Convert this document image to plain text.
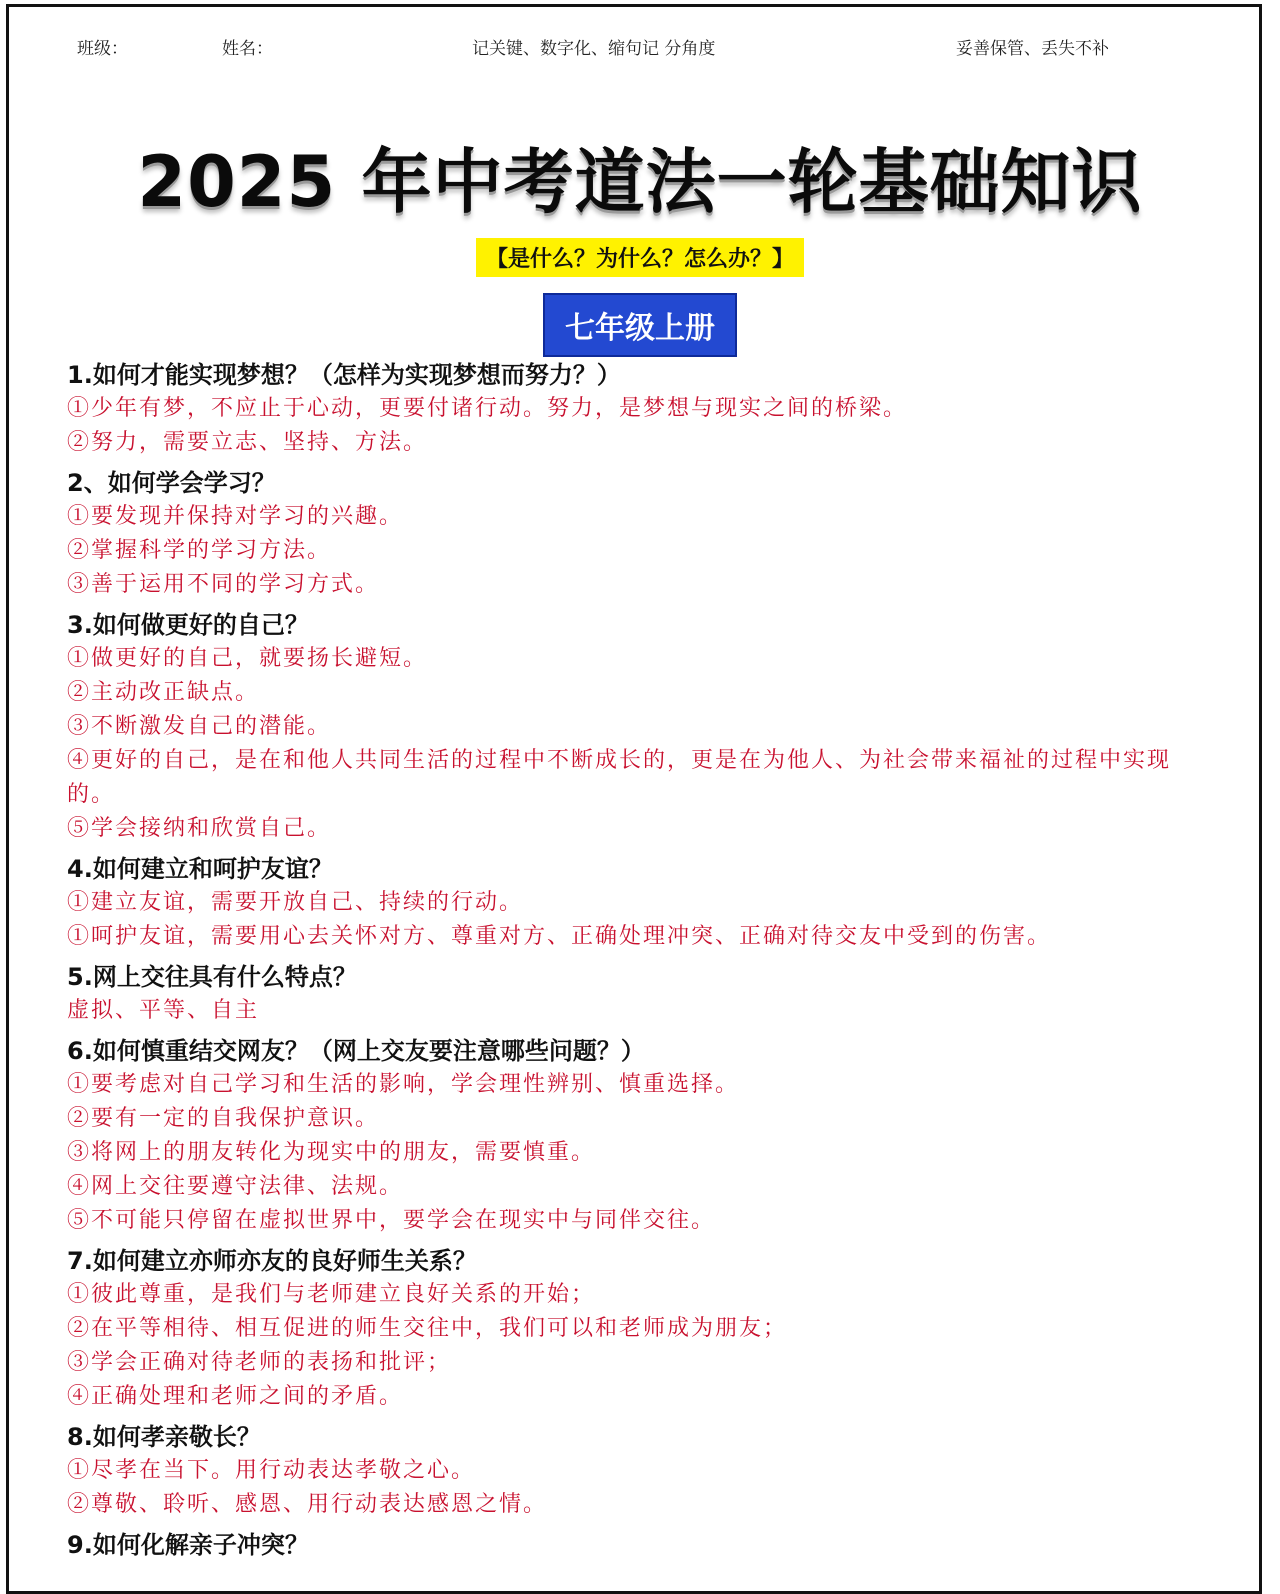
班级：	姓名：	记关键、数字化、缩句记 分角度	妥善保管、丢失不补
2025 年中考道法一轮基础知识
【是什么？为什么？怎么办？】
七年级上册
1.如何才能实现梦想？（怎样为实现梦想而努力？）
①少年有梦，不应止于心动，更要付诸行动。努力，是梦想与现实之间的桥梁。
②努力，需要立志、坚持、方法。
2、如何学会学习？
①要发现并保持对学习的兴趣。
②掌握科学的学习方法。
③善于运用不同的学习方式。
3.如何做更好的自己？
①做更好的自己，就要扬长避短。
②主动改正缺点。
③不断激发自己的潜能。
④更好的自己，是在和他人共同生活的过程中不断成长的，更是在为他人、为社会带来福祉的过程中实现的。
⑤学会接纳和欣赏自己。
4.如何建立和呵护友谊？
①建立友谊，需要开放自己、持续的行动。
①呵护友谊，需要用心去关怀对方、尊重对方、正确处理冲突、正确对待交友中受到的伤害。
5.网上交往具有什么特点？
虚拟、平等、自主
6.如何慎重结交网友？（网上交友要注意哪些问题？）
①要考虑对自己学习和生活的影响，学会理性辨别、慎重选择。
②要有一定的自我保护意识。
③将网上的朋友转化为现实中的朋友，需要慎重。
④网上交往要遵守法律、法规。
⑤不可能只停留在虚拟世界中，要学会在现实中与同伴交往。
7.如何建立亦师亦友的良好师生关系？
①彼此尊重，是我们与老师建立良好关系的开始；
②在平等相待、相互促进的师生交往中，我们可以和老师成为朋友；
③学会正确对待老师的表扬和批评；
④正确处理和老师之间的矛盾。
8.如何孝亲敬长？
①尽孝在当下。用行动表达孝敬之心。
②尊敬、聆听、感恩、用行动表达感恩之情。
9.如何化解亲子冲突？
